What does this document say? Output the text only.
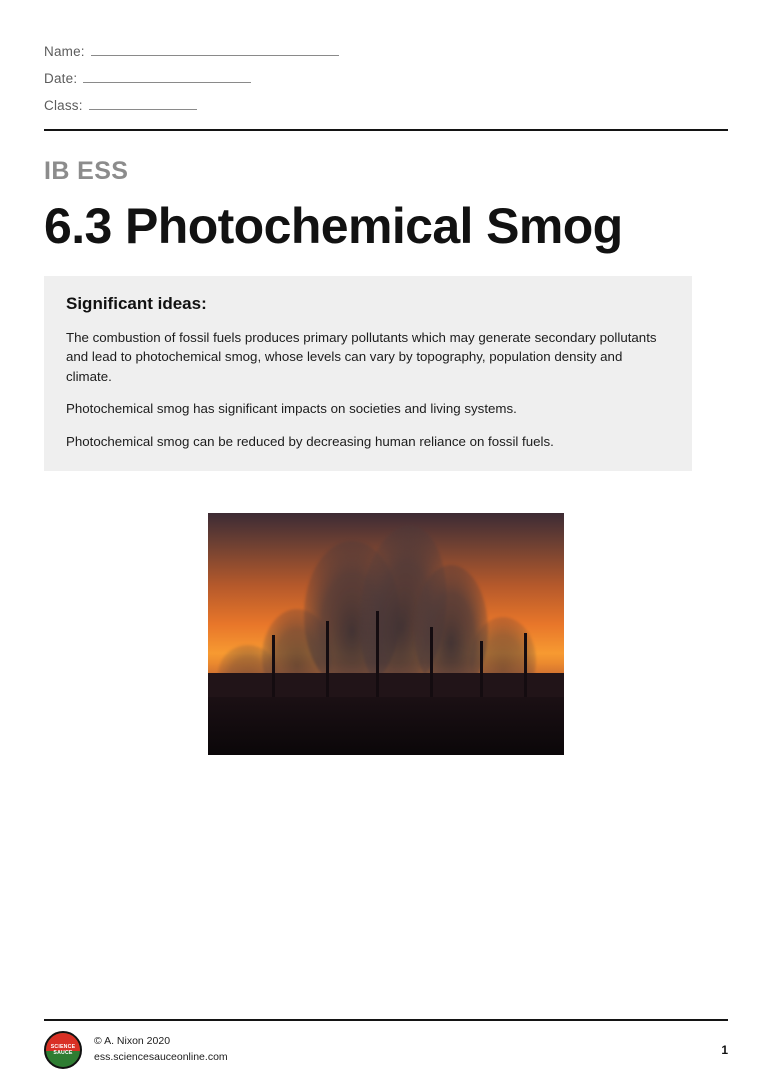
Name:
Date:
Class:
IB ESS
6.3 Photochemical Smog
Significant ideas:

The combustion of fossil fuels produces primary pollutants which may generate secondary pollutants and lead to photochemical smog, whose levels can vary by topography, population density and climate.

Photochemical smog has significant impacts on societies and living systems.

Photochemical smog can be reduced by decreasing human reliance on fossil fuels.

SCIENCE
SAUCE
© A. Nixon 2020
ess.sciencesauceonline.com	1
